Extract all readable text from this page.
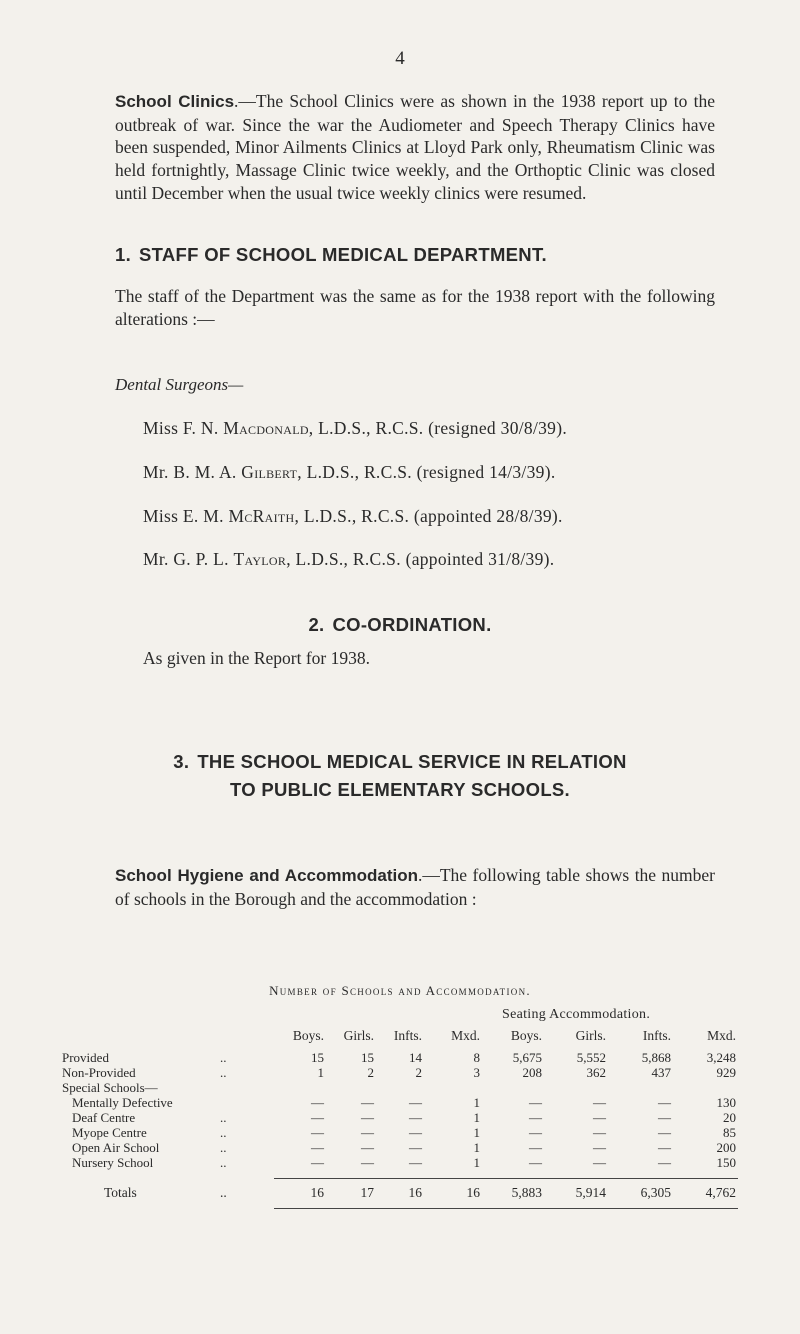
4

School Clinics.—The School Clinics were as shown in the 1938 report up to the outbreak of war. Since the war the Audiometer and Speech Therapy Clinics have been suspended, Minor Ailments Clinics at Lloyd Park only, Rheumatism Clinic was held fortnightly, Massage Clinic twice weekly, and the Orthoptic Clinic was closed until December when the usual twice weekly clinics were resumed.

1. STAFF OF SCHOOL MEDICAL DEPARTMENT.

The staff of the Department was the same as for the 1938 report with the following alterations :—

Dental Surgeons—
Miss F. N. Macdonald, L.D.S., R.C.S. (resigned 30/8/39).
Mr. B. M. A. Gilbert, L.D.S., R.C.S. (resigned 14/3/39).
Miss E. M. McRaith, L.D.S., R.C.S. (appointed 28/8/39).
Mr. G. P. L. Taylor, L.D.S., R.C.S. (appointed 31/8/39).
2. CO-ORDINATION.
As given in the Report for 1938.
3. THE SCHOOL MEDICAL SERVICE IN RELATION
TO PUBLIC ELEMENTARY SCHOOLS.

School Hygiene and Accommodation.—The following table shows the number of schools in the Borough and the accommodation :

Number of Schools and Accommodation.
Seating Accommodation.
		Boys.	Girls.	Infts.	Mxd.	Boys.	Girls.	Infts.	Mxd.
Provided	..	15	15	14	8	5,675	5,552	5,868	3,248
Non-Provided	..	1	2	2	3	208	362	437	929
Special Schools—									
Mentally Defective		—	—	—	1	—	—	—	130
Deaf Centre	..	—	—	—	1	—	—	—	20
Myope Centre	..	—	—	—	1	—	—	—	85
Open Air School	..	—	—	—	1	—	—	—	200
Nursery School	..	—	—	—	1	—	—	—	150

Totals	..	16	17	16	16	5,883	5,914	6,305	4,762
